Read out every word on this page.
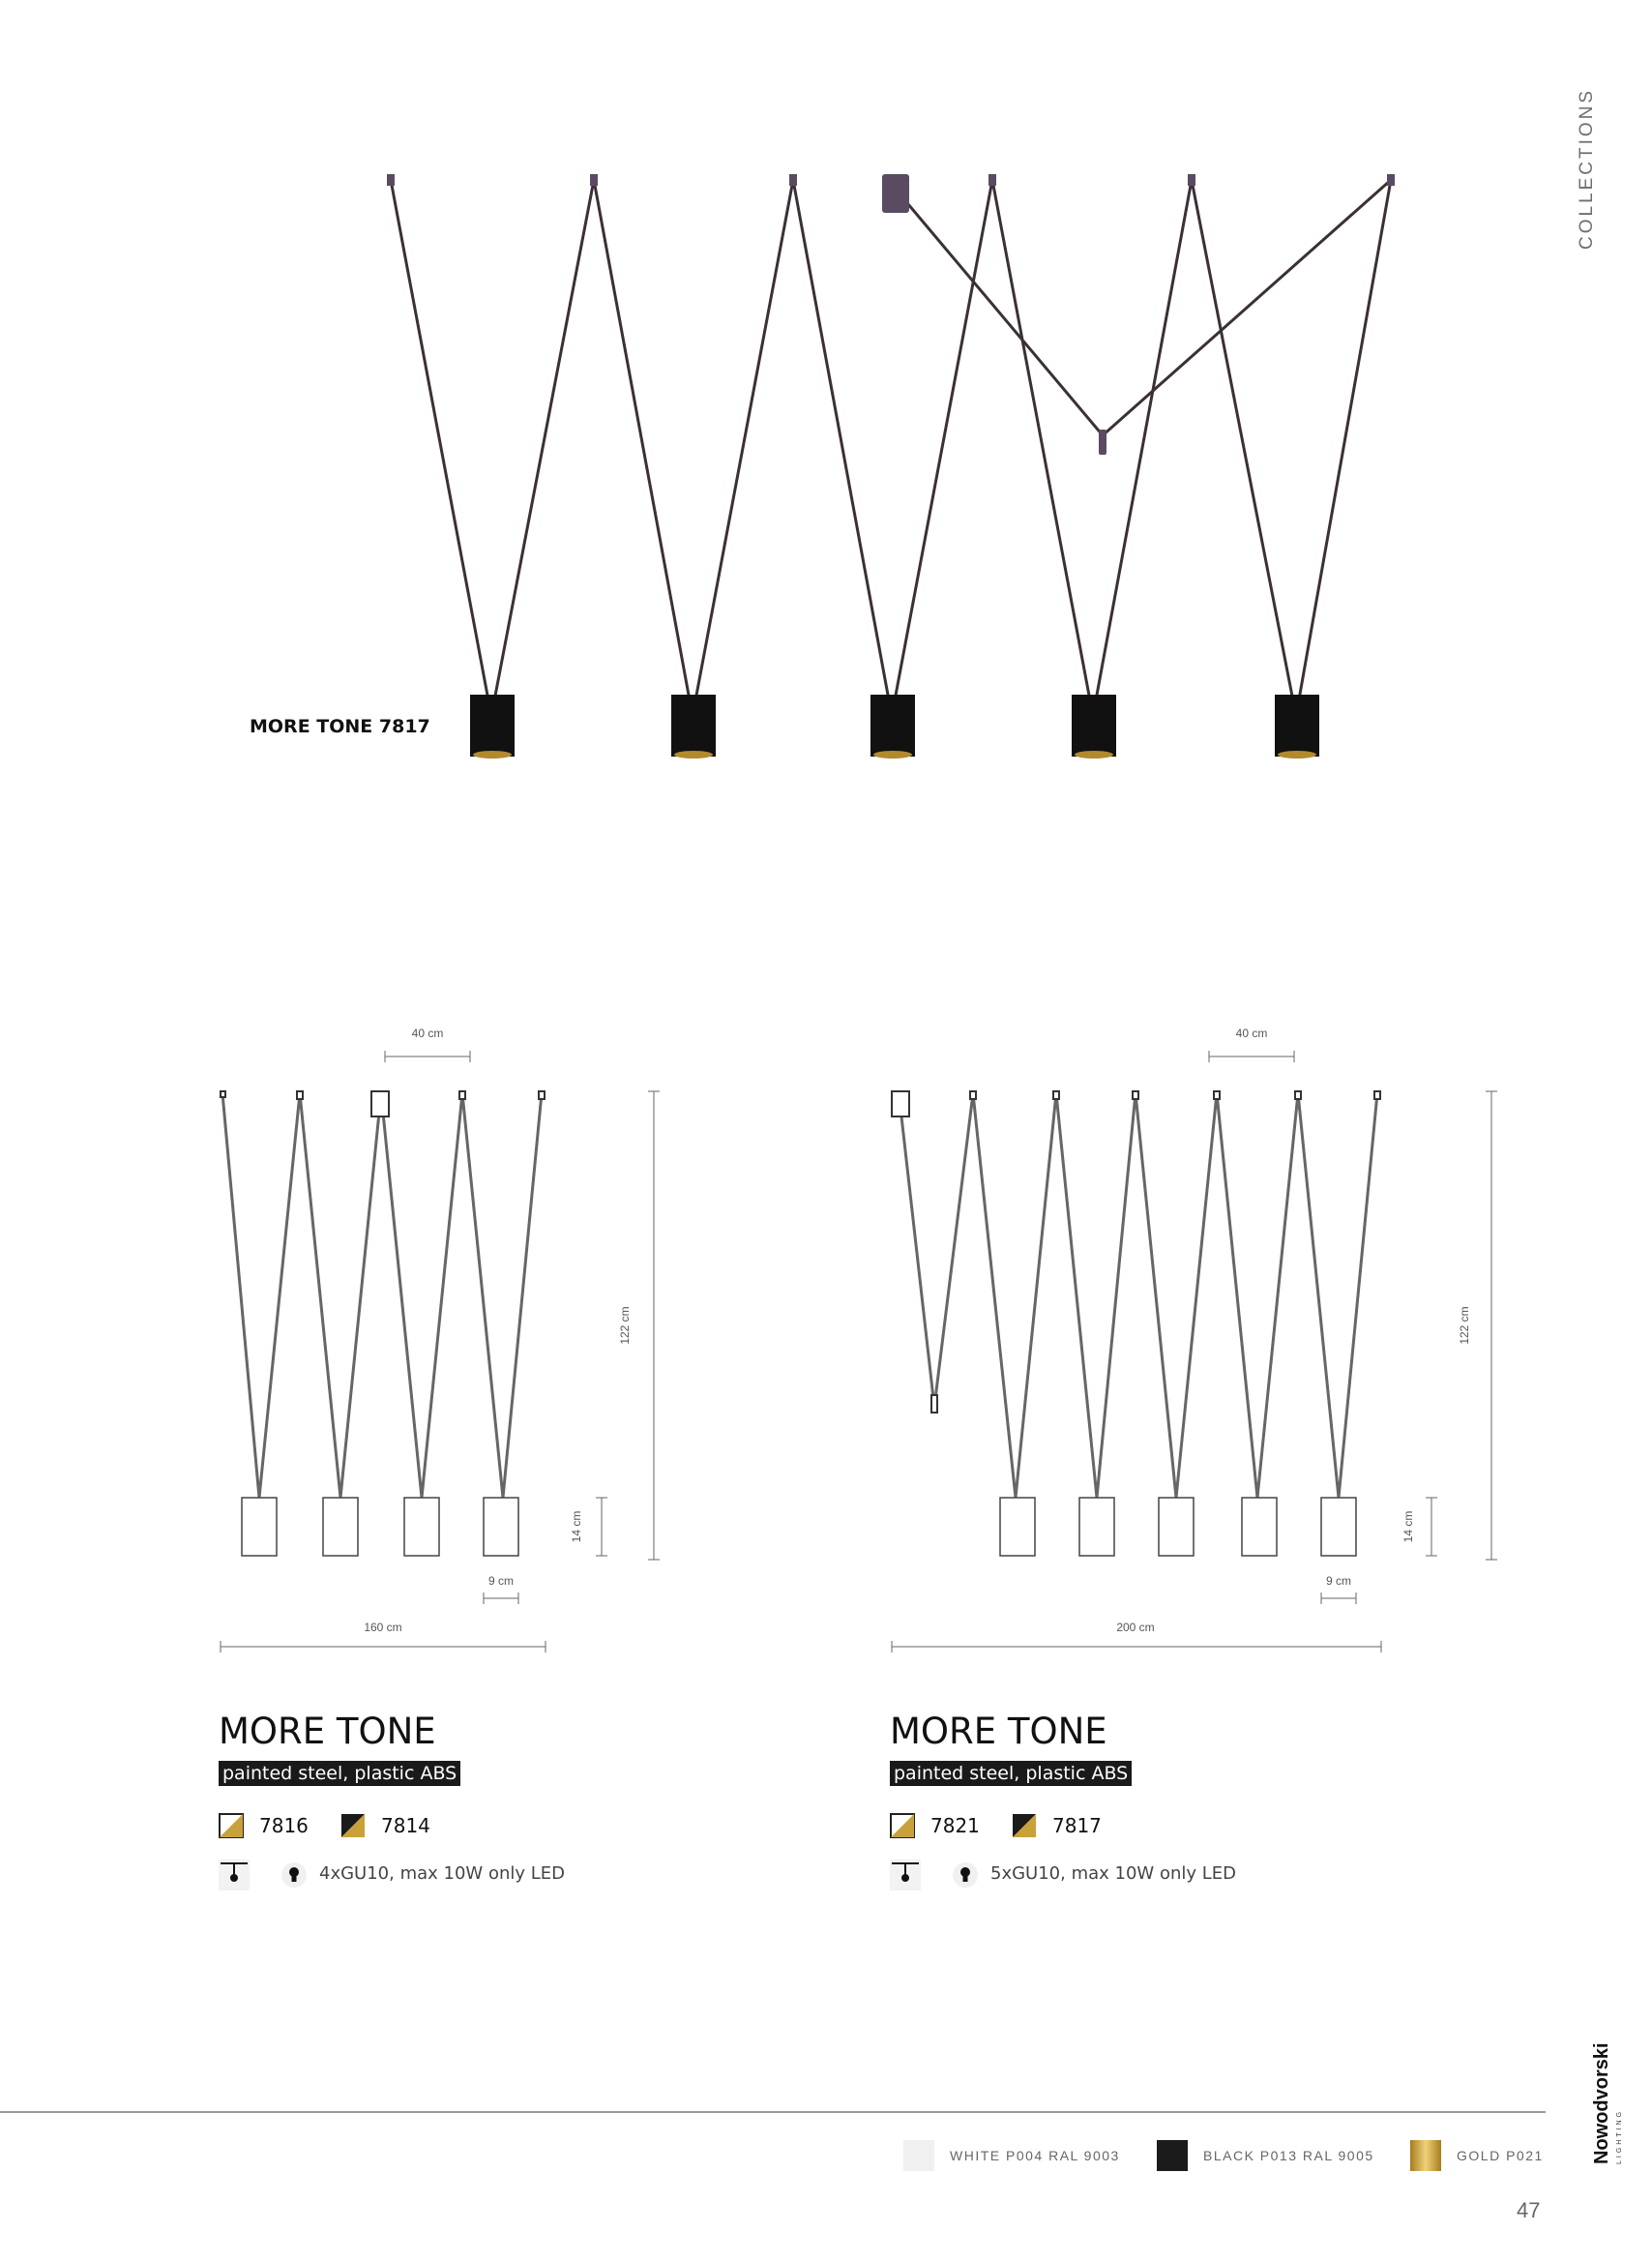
COLLECTIONS
MORE TONE 7817
40 cm
122 cm
14 cm
9 cm
160 cm
40 cm
122 cm
14 cm
9 cm
200 cm
MORE TONE
painted steel, plastic ABS
7816	7814
4xGU10, max 10W only LED
MORE TONE
painted steel, plastic ABS
7821	7817
5xGU10, max 10W only LED
WHITE P004 RAL 9003	BLACK P013 RAL 9005	GOLD P021 Nowodvorski LIGHTING
47
